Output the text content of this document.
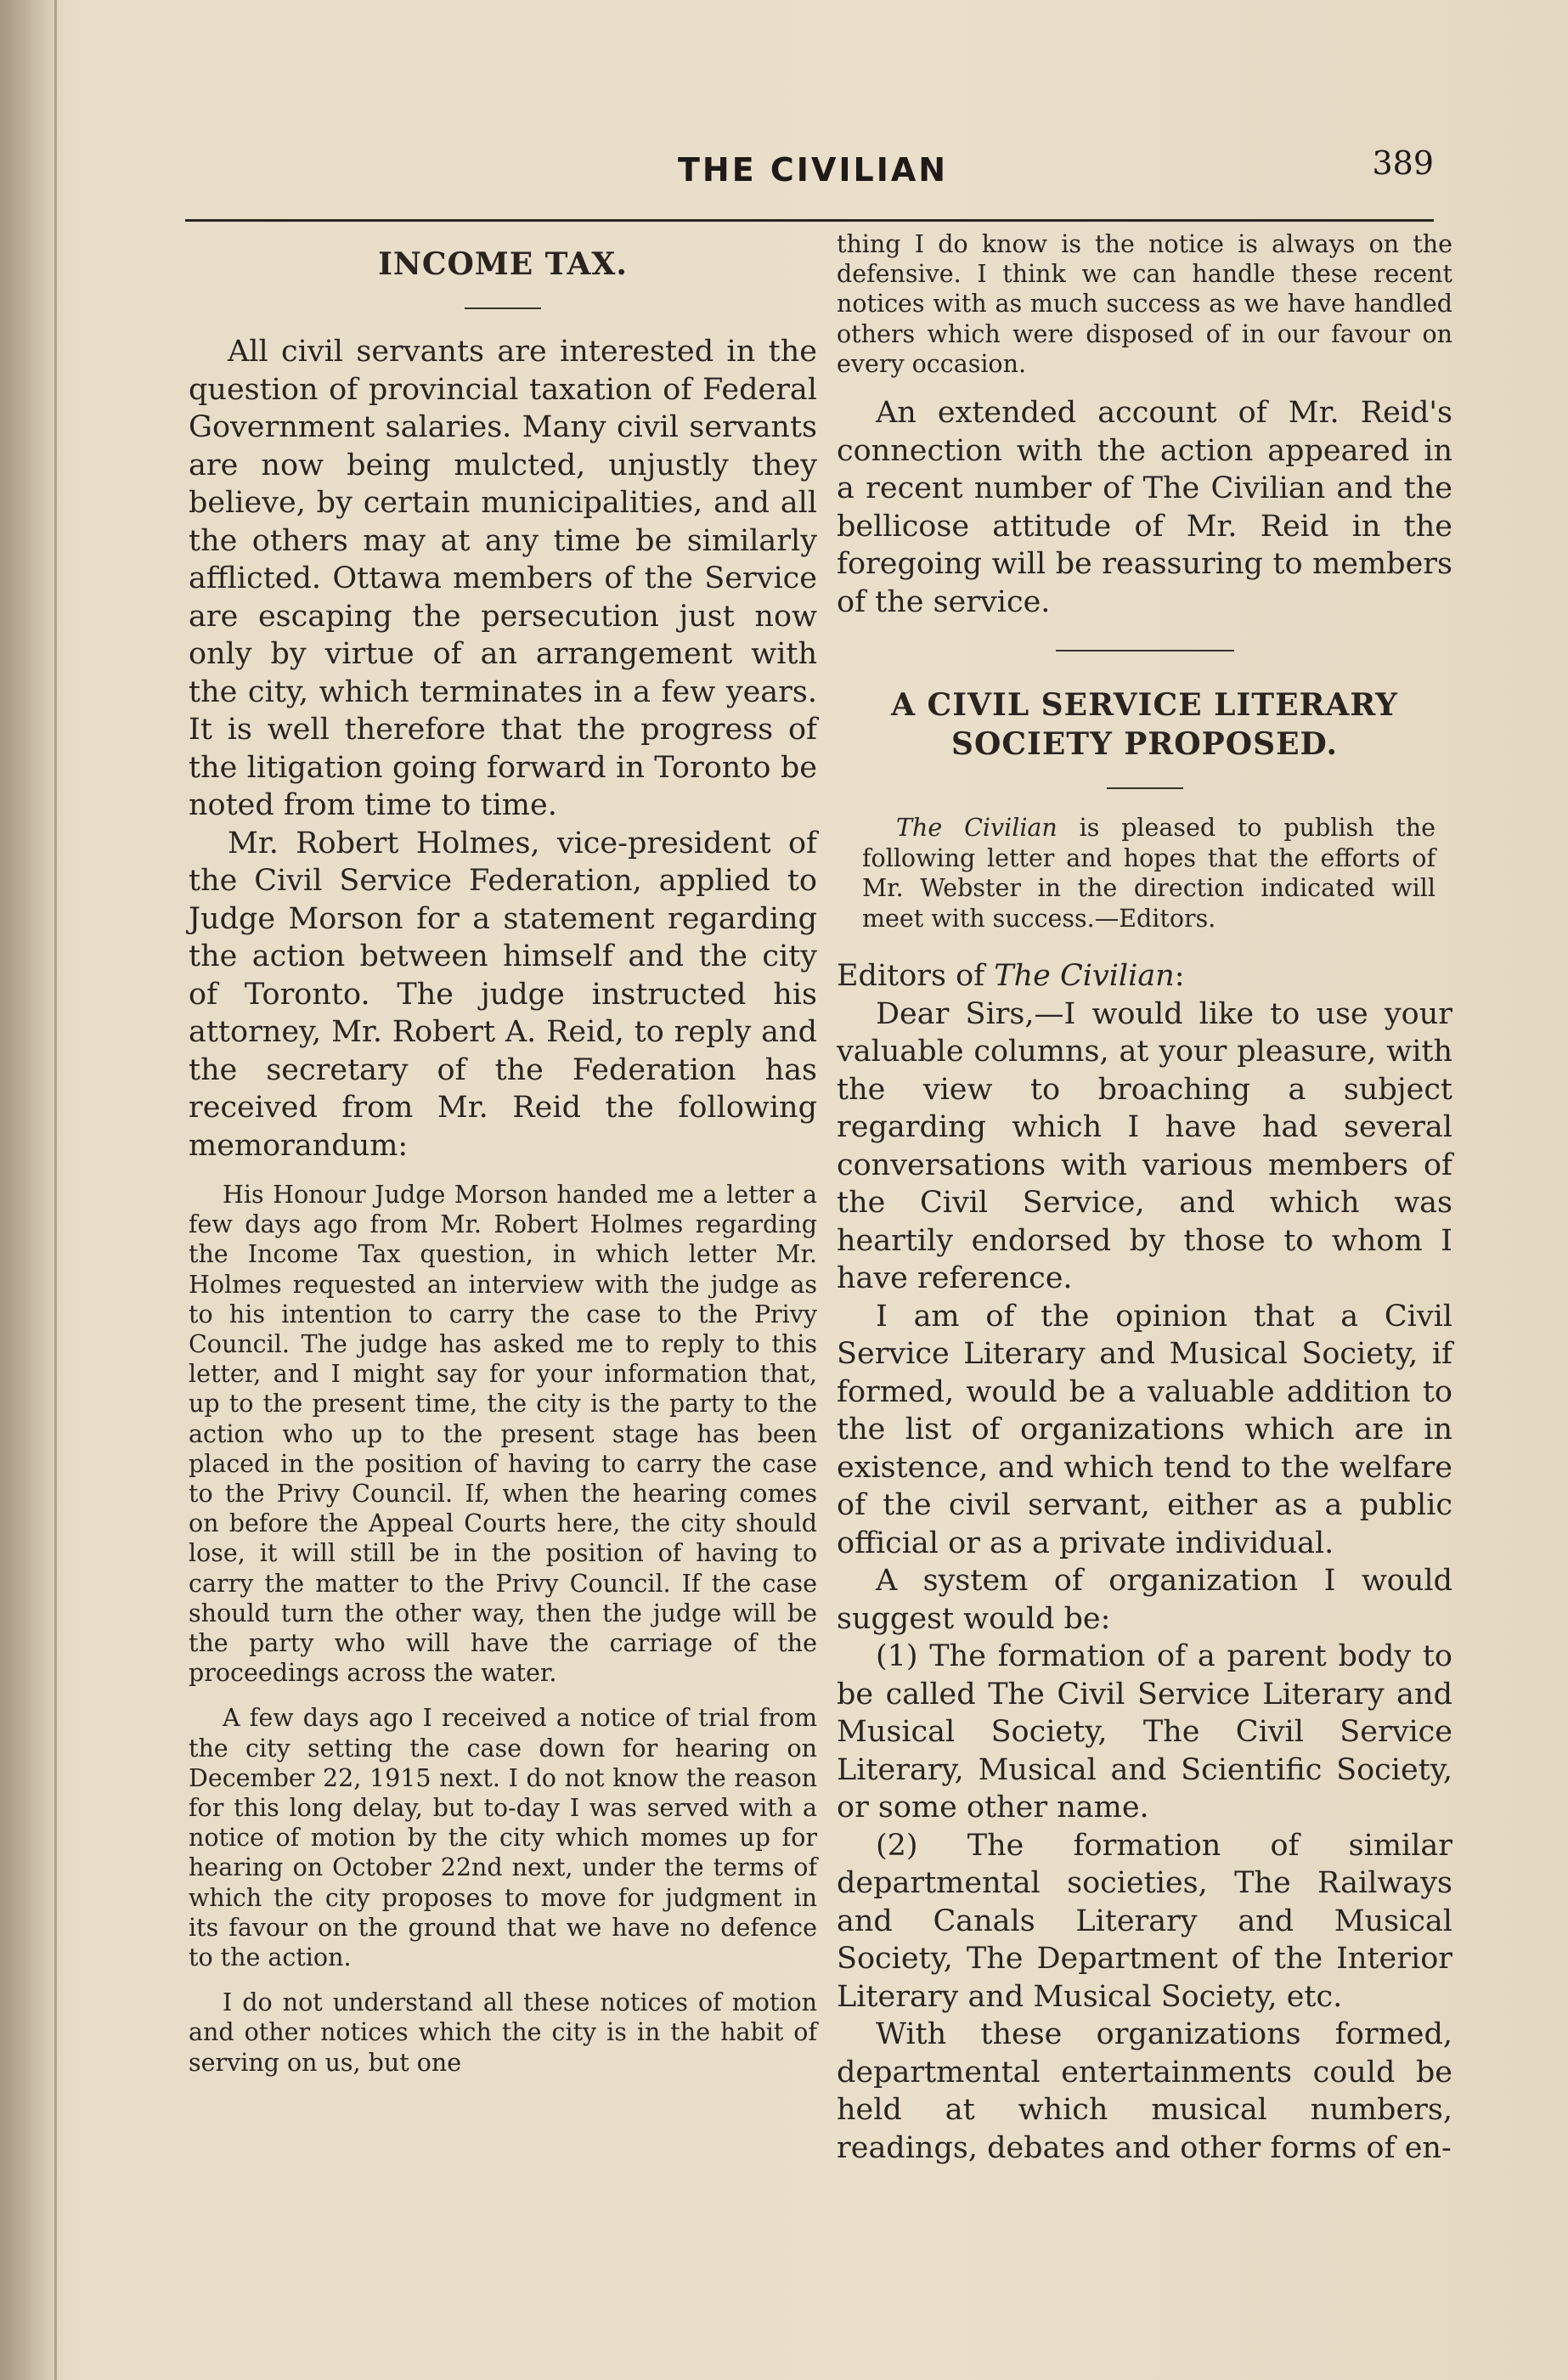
THE CIVILIAN	389
INCOME TAX.

All civil servants are interested in the question of provincial taxation of Federal Government salaries. Many civil servants are now being mulcted, unjustly they believe, by certain municipalities, and all the others may at any time be similarly afflicted. Ottawa members of the Service are escaping the persecution just now only by virtue of an arrangement with the city, which terminates in a few years. It is well therefore that the progress of the litigation going forward in Toronto be noted from time to time.

Mr. Robert Holmes, vice-president of the Civil Service Federation, applied to Judge Morson for a statement regarding the action between himself and the city of Toronto. The judge instructed his attorney, Mr. Robert A. Reid, to reply and the secretary of the Federation has received from Mr. Reid the following memorandum:

His Honour Judge Morson handed me a letter a few days ago from Mr. Robert Holmes regarding the Income Tax question, in which letter Mr. Holmes requested an interview with the judge as to his intention to carry the case to the Privy Council. The judge has asked me to reply to this letter, and I might say for your information that, up to the present time, the city is the party to the action who up to the present stage has been placed in the position of having to carry the case to the Privy Council. If, when the hearing comes on before the Appeal Courts here, the city should lose, it will still be in the position of having to carry the matter to the Privy Council. If the case should turn the other way, then the judge will be the party who will have the carriage of the proceedings across the water.

A few days ago I received a notice of trial from the city setting the case down for hearing on December 22, 1915 next. I do not know the reason for this long delay, but to-day I was served with a notice of motion by the city which momes up for hearing on October 22nd next, under the terms of which the city proposes to move for judgment in its favour on the ground that we have no defence to the action.

I do not understand all these notices of motion and other notices which the city is in the habit of serving on us, but one

thing I do know is the notice is always on the defensive. I think we can handle these recent notices with as much success as we have handled others which were disposed of in our favour on every occasion.

An extended account of Mr. Reid's connection with the action appeared in a recent number of The Civilian and the bellicose attitude of Mr. Reid in the foregoing will be reassuring to members of the service.

A CIVIL SERVICE LITERARY
SOCIETY PROPOSED.

The Civilian is pleased to publish the following letter and hopes that the efforts of Mr. Webster in the direction indicated will meet with success.—Editors.

Editors of The Civilian:

Dear Sirs,—I would like to use your valuable columns, at your pleasure, with the view to broaching a subject regarding which I have had several conversations with various members of the Civil Service, and which was heartily endorsed by those to whom I have reference.

I am of the opinion that a Civil Service Literary and Musical Society, if formed, would be a valuable addition to the list of organizations which are in existence, and which tend to the welfare of the civil servant, either as a public official or as a private individual.

A system of organization I would suggest would be:

(1) The formation of a parent body to be called The Civil Service Literary and Musical Society, The Civil Service Literary, Musical and Scientific Society, or some other name.

(2) The formation of similar departmental societies, The Railways and Canals Literary and Musical Society, The Department of the Interior Literary and Musical Society, etc.

With these organizations formed, departmental entertainments could be held at which musical numbers, readings, debates and other forms of en-
